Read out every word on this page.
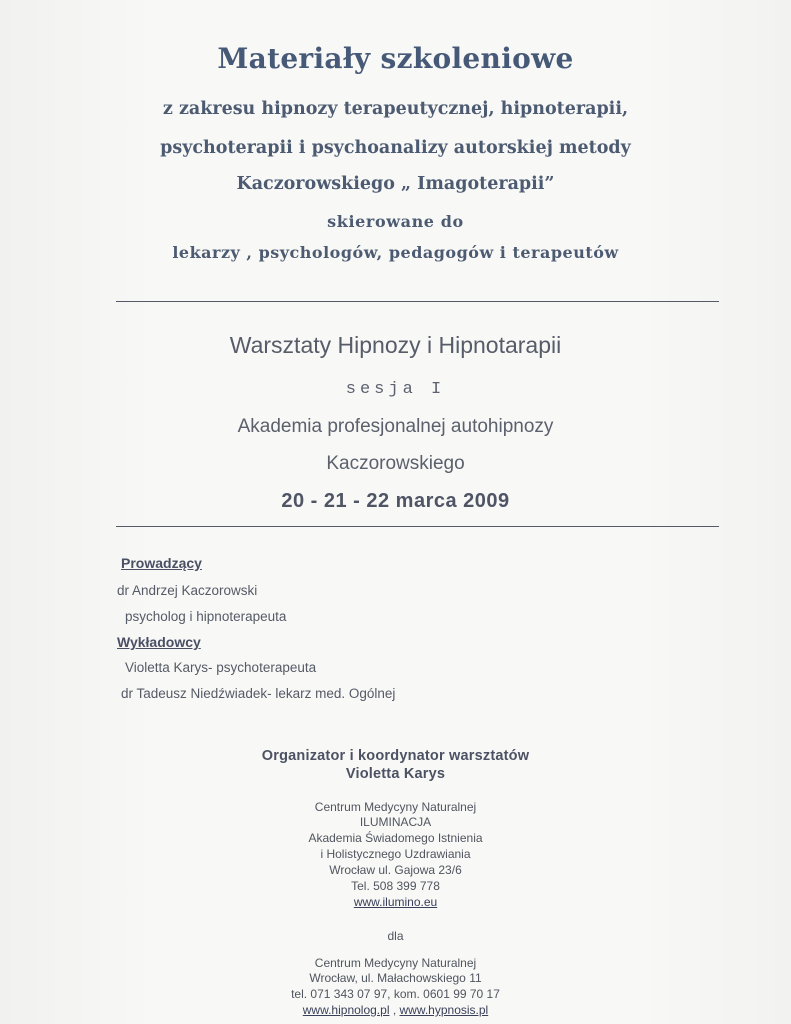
Materiały szkoleniowe
z zakresu hipnozy terapeutycznej, hipnoterapii,
psychoterapii i psychoanalizy autorskiej metody
Kaczorowskiego „ Imagoterapii”
skierowane do
lekarzy , psychologów, pedagogów i terapeutów
Warsztaty Hipnozy i Hipnotarapii
sesja I
Akademia profesjonalnej autohipnozy
Kaczorowskiego
20 - 21 - 22 marca 2009
Prowadzący
dr Andrzej Kaczorowski
psycholog i hipnoterapeuta
Wykładowcy
Violetta Karys- psychoterapeuta
dr Tadeusz Niedźwiadek- lekarz med. Ogólnej
Organizator i koordynator warsztatów
Violetta Karys
Centrum Medycyny Naturalnej
ILUMINACJA
Akademia Świadomego Istnienia
i Holistycznego Uzdrawiania
Wrocław ul. Gajowa 23/6
Tel. 508 399 778
www.ilumino.eu
dla
Centrum Medycyny Naturalnej
Wrocław, ul. Małachowskiego 11
tel. 071 343 07 97, kom. 0601 99 70 17
www.hipnolog.pl , www.hypnosis.pl
